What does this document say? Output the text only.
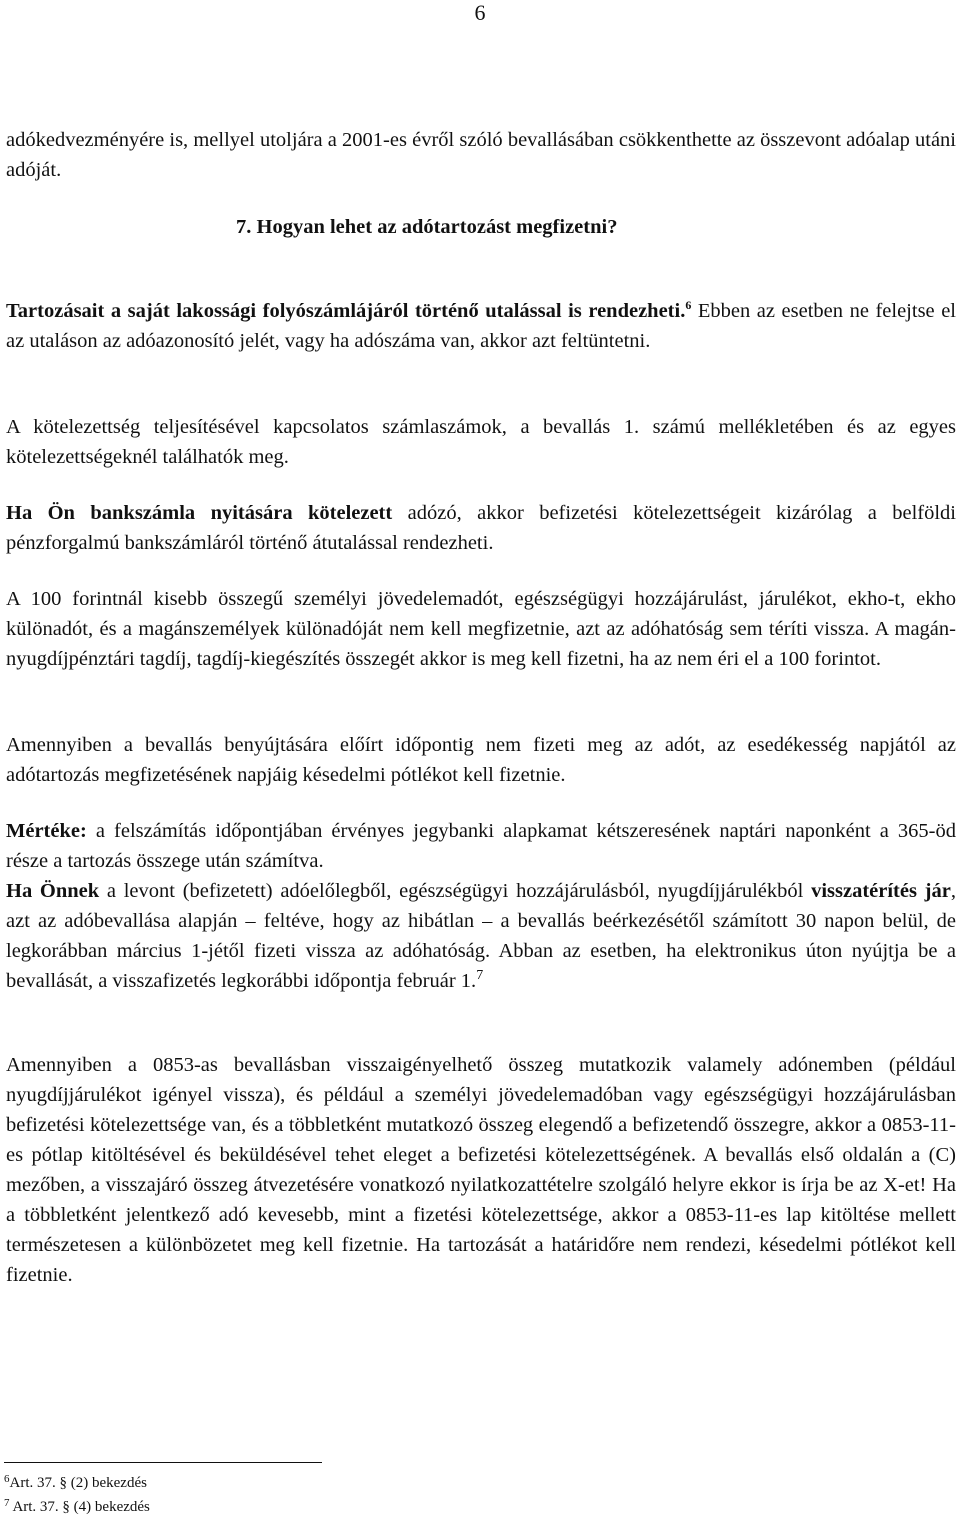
6

adókedvezményére is, mellyel utoljára a 2001-es évről szóló bevallásában csökkenthette az összevont adóalap utáni adóját.

7. Hogyan lehet az adótartozást megfizetni?

Tartozásait a saját lakossági folyószámlájáról történő utalással is rendezheti.$^6$ Ebben az esetben ne felejtse el az utaláson az adóazonosító jelét, vagy ha adószáma van, akkor azt feltüntetni.

A kötelezettség teljesítésével kapcsolatos számlaszámok, a bevallás 1. számú mellékletében és az egyes kötelezettségeknél találhatók meg.

Ha Ön bankszámla nyitására kötelezett adózó, akkor befizetési kötelezettségeit kizárólag a belföldi pénzforgalmú bankszámláról történő átutalással rendezheti.

A 100 forintnál kisebb összegű személyi jövedelemadót, egészségügyi hozzájárulást, járulékot, ekho-t, ekho különadót, és a magánszemélyek különadóját nem kell megfizetnie, azt az adóhatóság sem téríti vissza. A magán-nyugdíjpénztári tagdíj, tagdíj-kiegészítés összegét akkor is meg kell fizetni, ha az nem éri el a 100 forintot.

Amennyiben a bevallás benyújtására előírt időpontig nem fizeti meg az adót, az esedékesség napjától az adótartozás megfizetésének napjáig késedelmi pótlékot kell fizetnie.

Mértéke: a felszámítás időpontjában érvényes jegybanki alapkamat kétszeresének naptári naponként a 365-öd része a tartozás összege után számítva.

Ha Önnek a levont (befizetett) adóelőlegből, egészségügyi hozzájárulásból, nyugdíjjárulékból visszatérítés jár, azt az adóbevallása alapján – feltéve, hogy az hibátlan – a bevallás beérkezésétől számított 30 napon belül, de legkorábban március 1-jétől fizeti vissza az adóhatóság. Abban az esetben, ha elektronikus úton nyújtja be a bevallását, a visszafizetés legkorábbi időpontja február 1.$^7$

Amennyiben a 0853-as bevallásban visszaigényelhető összeg mutatkozik valamely adónemben (például nyugdíjjárulékot igényel vissza), és például a személyi jövedelemadóban vagy egészségügyi hozzájárulásban befizetési kötelezettsége van, és a többletként mutatkozó összeg elegendő a befizetendő összegre, akkor a 0853-11-es pótlap kitöltésével és beküldésével tehet eleget a befizetési kötelezettségének. A bevallás első oldalán a (C) mezőben, a visszajáró összeg átvezetésére vonatkozó nyilatkozattételre szolgáló helyre ekkor is írja be az X-et! Ha a többletként jelentkező adó kevesebb, mint a fizetési kötelezettsége, akkor a 0853-11-es lap kitöltése mellett természetesen a különbözetet meg kell fizetnie. Ha tartozását a határidőre nem rendezi, késedelmi pótlékot kell fizetnie.

$^6$Art. 37. § (2) bekezdés

$^7$ Art. 37. § (4) bekezdés
